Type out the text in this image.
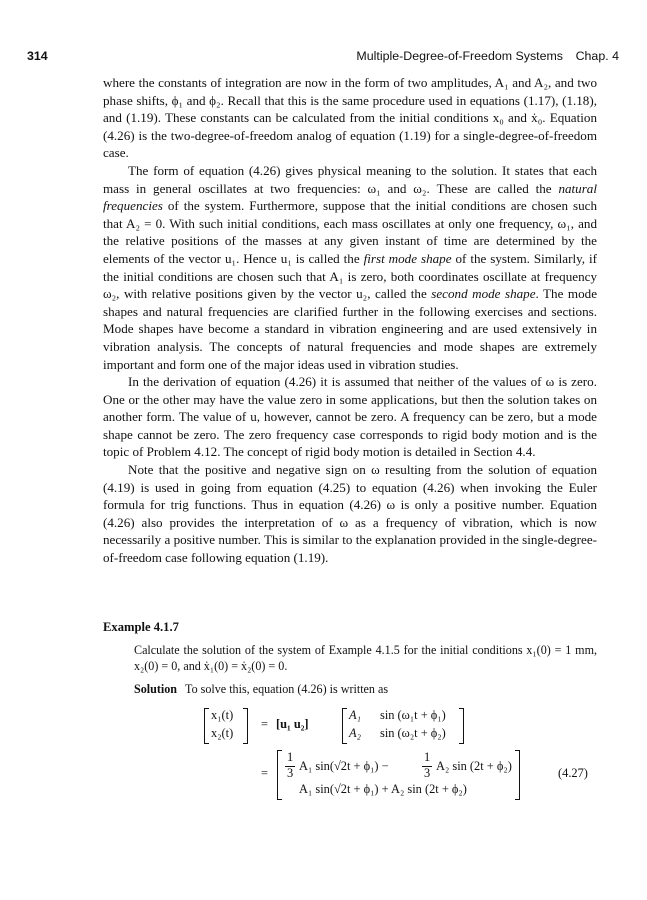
314	Multiple-Degree-of-Freedom Systems Chap. 4

where the constants of integration are now in the form of two amplitudes, A₁ and A₂, and two phase shifts, ϕ₁ and ϕ₂. Recall that this is the same procedure used in equations (1.17), (1.18), and (1.19). These constants can be calculated from the initial conditions x₀ and ẋ₀. Equation (4.26) is the two-degree-of-freedom analog of equation (1.19) for a single-degree-of-freedom case.

The form of equation (4.26) gives physical meaning to the solution. It states that each mass in general oscillates at two frequencies: ω₁ and ω₂. These are called the natural frequencies of the system. Furthermore, suppose that the initial conditions are chosen such that A₂ = 0. With such initial conditions, each mass oscillates at only one frequency, ω₁, and the relative positions of the masses at any given instant of time are determined by the elements of the vector u₁. Hence u₁ is called the first mode shape of the system. Similarly, if the initial conditions are chosen such that A₁ is zero, both coordinates oscillate at frequency ω₂, with relative positions given by the vector u₂, called the second mode shape. The mode shapes and natural frequencies are clarified further in the following exercises and sections. Mode shapes have become a standard in vibration engineering and are used extensively in vibration analysis. The concepts of natural frequencies and mode shapes are extremely important and form one of the major ideas used in vibration studies.

In the derivation of equation (4.26) it is assumed that neither of the values of ω is zero. One or the other may have the value zero in some applications, but then the solution takes on another form. The value of u, however, cannot be zero. A frequency can be zero, but a mode shape cannot be zero. The zero frequency case corresponds to rigid body motion and is the topic of Problem 4.12. The concept of rigid body motion is detailed in Section 4.4.

Note that the positive and negative sign on ω resulting from the solution of equation (4.19) is used in going from equation (4.25) to equation (4.26) when invoking the Euler formula for trig functions. Thus in equation (4.26) ω is only a positive number. Equation (4.26) also provides the interpretation of ω as a frequency of vibration, which is now necessarily a positive number. This is similar to the explanation provided in the single-degree-of-freedom case following equation (1.19).

Example 4.1.7

Calculate the solution of the system of Example 4.1.5 for the initial conditions x₁(0) = 1 mm, x₂(0) = 0, and ẋ₁(0) = ẋ₂(0) = 0.

Solution To solve this, equation (4.26) is written as

x₁(t)
x₂(t)
= [u₁ u₂]
A₁
A₂
sin (ω₁t + ϕ₁)
sin (ω₂t + ϕ₂)
=
1
3 A₁ sin(√2t + ϕ₁) −
1
3 A₂ sin (2t + ϕ₂)
A₁ sin(√2t + ϕ₁) + A₂ sin (2t + ϕ₂)
(4.27)
